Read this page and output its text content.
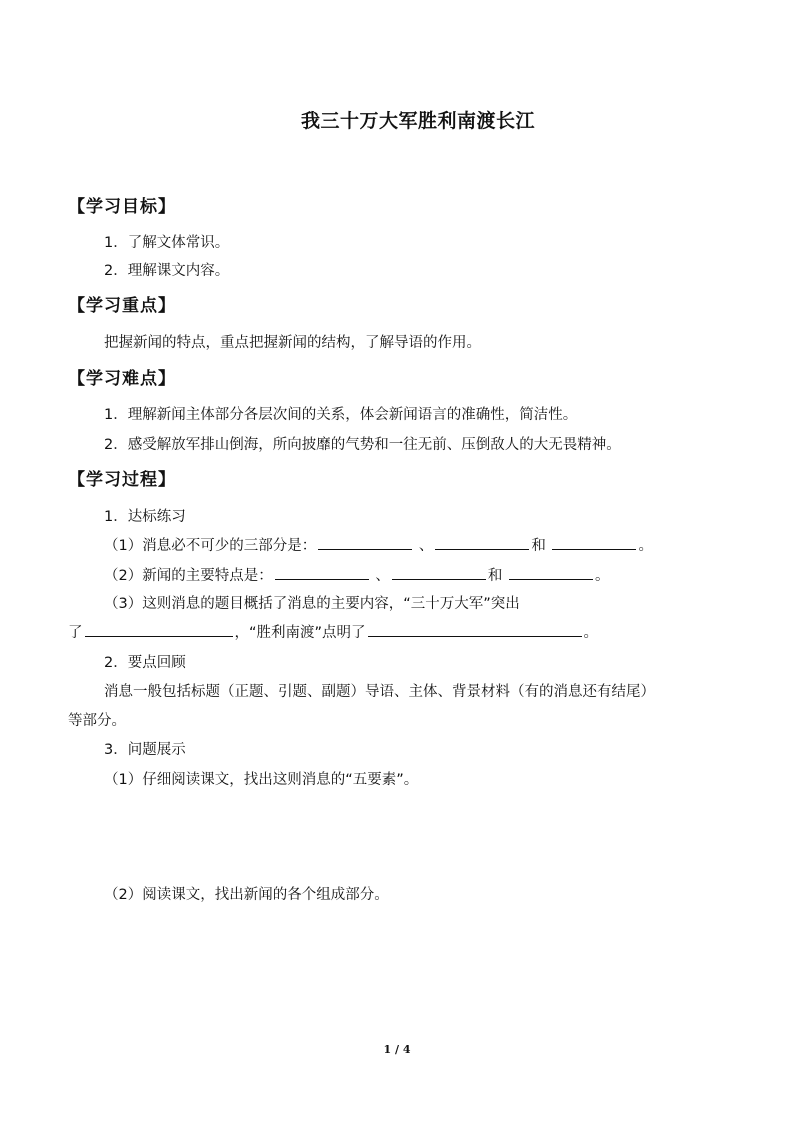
我三十万大军胜利南渡长江
【学习目标】
1．了解文体常识。
2．理解课文内容。
【学习重点】
把握新闻的特点，重点把握新闻的结构，了解导语的作用。
【学习难点】
1．理解新闻主体部分各层次间的关系，体会新闻语言的准确性，简洁性。
2．感受解放军排山倒海，所向披靡的气势和一往无前、压倒敌人的大无畏精神。
【学习过程】
1．达标练习
（1）消息必不可少的三部分是：	、	和	。
（2）新闻的主要特点是：	、	和	。
（3）这则消息的题目概括了消息的主要内容，“三十万大军”突出
了	，“胜利南渡”点明了	。
2．要点回顾
消息一般包括标题（正题、引题、副题）导语、主体、背景材料（有的消息还有结尾）
等部分。
3．问题展示
（1）仔细阅读课文，找出这则消息的“五要素”。
（2）阅读课文，找出新闻的各个组成部分。
1 / 4
